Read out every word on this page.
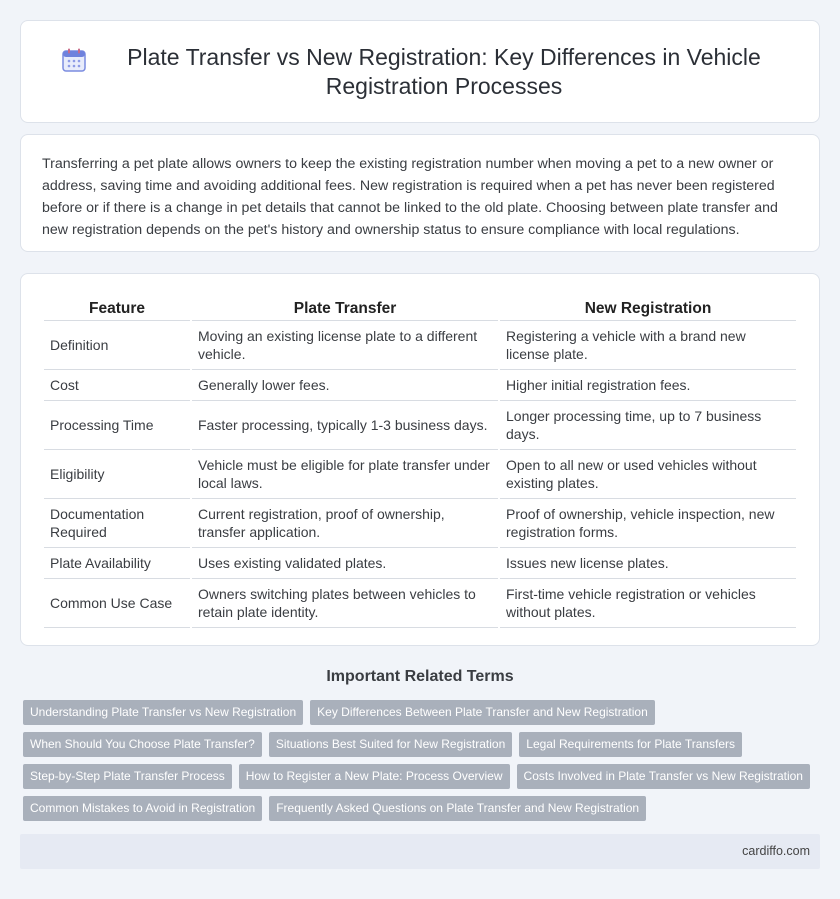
Plate Transfer vs New Registration: Key Differences in Vehicle Registration Processes

Transferring a pet plate allows owners to keep the existing registration number when moving a pet to a new owner or address, saving time and avoiding additional fees. New registration is required when a pet has never been registered before or if there is a change in pet details that cannot be linked to the old plate. Choosing between plate transfer and new registration depends on the pet's history and ownership status to ensure compliance with local regulations.

Feature	Plate Transfer	New Registration
Definition	Moving an existing license plate to a different vehicle.	Registering a vehicle with a brand new license plate.
Cost	Generally lower fees.	Higher initial registration fees.
Processing Time	Faster processing, typically 1-3 business days.	Longer processing time, up to 7 business days.
Eligibility	Vehicle must be eligible for plate transfer under local laws.	Open to all new or used vehicles without existing plates.
Documentation Required	Current registration, proof of ownership, transfer application.	Proof of ownership, vehicle inspection, new registration forms.
Plate Availability	Uses existing validated plates.	Issues new license plates.
Common Use Case	Owners switching plates between vehicles to retain plate identity.	First-time vehicle registration or vehicles without plates.
Important Related Terms
Understanding Plate Transfer vs New Registration	Key Differences Between Plate Transfer and New Registration
When Should You Choose Plate Transfer?	Situations Best Suited for New Registration	Legal Requirements for Plate Transfers
Step-by-Step Plate Transfer Process	How to Register a New Plate: Process Overview	Costs Involved in Plate Transfer vs New Registration
Common Mistakes to Avoid in Registration	Frequently Asked Questions on Plate Transfer and New Registration
cardiffo.com
